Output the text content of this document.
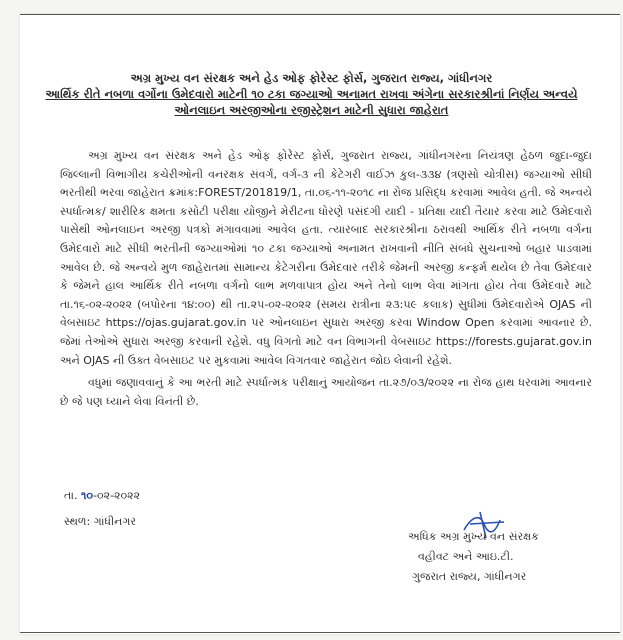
અગ્ર મુખ્ય વન સંરક્ષક અને હેડ ઓફ ફોરેસ્ટ ફોર્સ, ગુજરાત રાજ્ય, ગાંધીનગર
આર્થિક રીતે નબળા વર્ગોના ઉમેદવારો માટેની ૧૦ ટકા જગ્યાઓ અનામત રાખવા અંગેના સરકારશ્રીનાં નિર્ણય અન્વયે
ઓનલાઇન અરજીઓના રજીસ્ટ્રેશન માટેની સુધારા જાહેરાત

અગ્ર મુખ્ય વન સંરક્ષક અને હેડ ઓફ ફોરેસ્ટ ફોર્સ, ગુજરાત રાજ્ય, ગાંધીનગરના નિયંત્રણ હેઠળ જુદા-જુદા જિલ્લાની વિભાગીય કચેરીઓની વનરક્ષક સંવર્ગ, વર્ગ-૩ ની કેટેગરી વાઈઝ કુલ-૩૩૪ (ત્રણસો ચોત્રીસ) જગ્યાઓ સીધી ભરતીથી ભરવા જાહેરાત ક્રમાંક:FOREST/201819/1, તા.૦૬-૧૧-૨૦૧૮ ના રોજ પ્રસિદ્ધ કરવામાં આવેલ હતી. જે અન્વયે સ્પર્ધાત્મક/ શારીરિક ક્ષમતા કસોટી પરીક્ષા યોજીને મેરીટના ધોરણે પસંદગી યાદી - પ્રતિક્ષા યાદી તૈયાર કરવા માટે ઉમેદવારો પાસેથી ઓનલાઇન અરજી પત્રકો મંગાવવામાં આવેલ હતા. ત્યારબાદ સરકારશ્રીના ઠરાવથી આર્થિક રીતે નબળા વર્ગના ઉમેદવારો માટે સીધી ભરતીની જગ્યાઓમાં ૧૦ ટકા જગ્યાઓ અનામત રાખવાની નીતિ સંબંધે સુચનાઓ બહાર પાડવામાં આવેલ છે. જે અન્વયે મુળ જાહેરાતમાં સામાન્ય કેટેગરીના ઉમેદવાર તરીકે જેમની અરજી કન્ફર્મ થયેલ છે તેવા ઉમેદવાર કે જેમને હાલ આર્થિક રીતે નબળા વર્ગનો લાભ મળવાપાત્ર હોય અને તેનો લાભ લેવા માંગતા હોય તેવા ઉમેદવારે માટે તા.૧૬-૦૨-૨૦૨૨ (બપોરના ૧૪:૦૦) થી તા.૨૫-૦૨-૨૦૨૨ (સમય રાત્રીના ૨૩:૫૯ કલાક) સુધીમાં ઉમેદવારોએ OJAS ની વેબસાઇટ https://ojas.gujarat.gov.in પર ઓનલાઇન સુધારા અરજી કરવા Window Open કરવામાં આવનાર છે. જેમાં તેઓએ સુધારા અરજી કરવાની રહેશે. વધુ વિગતો માટે વન વિભાગની વેબસાઇટ https://forests.gujarat.gov.in અને OJAS ની ઉક્ત વેબસાઇટ પર મુકવામાં આવેલ વિગતવાર જાહેરાત જોઇ લેવાની રહેશે.

વધુમાં જણાવવાનું કે આ ભરતી માટે સ્પર્ધાત્મક પરીક્ષાનું આયોજન તા.૨૭/૦૩/૨૦૨૨ ના રોજ હાથ ધરવામાં આવનાર છે જે પણ ધ્યાને લેવા વિનંતી છે.

તા. ૧૦-૦૨-૨૦૨૨
સ્થળ: ગાંધીનગર
અધિક અગ્ર મુખ્ય વન સંરક્ષક
વહીવટ અને આઇ.ટી.
ગુજરાત રાજ્ય, ગાંધીનગર
